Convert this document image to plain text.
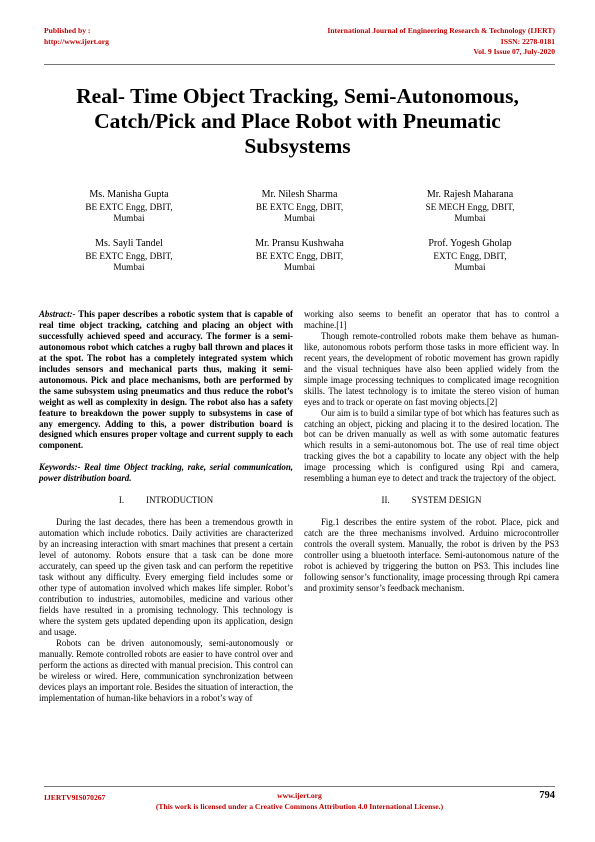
Published by :
http://www.ijert.org
International Journal of Engineering Research & Technology (IJERT)
ISSN: 2278-0181
Vol. 9 Issue 07, July-2020
Real- Time Object Tracking, Semi-Autonomous,
Catch/Pick and Place Robot with Pneumatic
Subsystems
Ms. Manisha Gupta
BE EXTC Engg, DBIT,
Mumbai
Mr. Nilesh Sharma
BE EXTC Engg, DBIT,
Mumbai
Mr. Rajesh Maharana
SE MECH Engg, DBIT,
Mumbai
Ms. Sayli Tandel
BE EXTC Engg, DBIT,
Mumbai
Mr. Pransu Kushwaha
BE EXTC Engg, DBIT,
Mumbai
Prof. Yogesh Gholap
EXTC Engg, DBIT,
Mumbai

Abstract:- This paper describes a robotic system that is capable of real time object tracking, catching and placing an object with successfully achieved speed and accuracy. The former is a semi-autonomous robot which catches a rugby ball thrown and places it at the spot. The robot has a completely integrated system which includes sensors and mechanical parts thus, making it semi-autonomous. Pick and place mechanisms, both are performed by the same subsystem using pneumatics and thus reduce the robot’s weight as well as complexity in design. The robot also has a safety feature to breakdown the power supply to subsystems in case of any emergency. Adding to this, a power distribution board is designed which ensures proper voltage and current supply to each component.

Keywords:- Real time Object tracking, rake, serial communication, power distribution board.

I. INTRODUCTION

During the last decades, there has been a tremendous growth in automation which include robotics. Daily activities are characterized by an increasing interaction with smart machines that present a certain level of autonomy. Robots ensure that a task can be done more accurately, can speed up the given task and can perform the repetitive task without any difficulty. Every emerging field includes some or other type of automation involved which makes life simpler. Robot’s contribution to industries, automobiles, medicine and various other fields have resulted in a promising technology. This technology is where the system gets updated depending upon its application, design and usage.

Robots can be driven autonomously, semi-autonomously or manually. Remote controlled robots are easier to have control over and perform the actions as directed with manual precision. This control can be wireless or wired. Here, communication synchronization between devices plays an important role. Besides the situation of interaction, the implementation of human-like behaviors in a robot’s way of

working also seems to benefit an operator that has to control a machine.[1]

Though remote-controlled robots make them behave as human-like, autonomous robots perform those tasks in more efficient way. In recent years, the development of robotic movement has grown rapidly and the visual techniques have also been applied widely from the simple image processing techniques to complicated image recognition skills. The latest technology is to imitate the stereo vision of human eyes and to track or operate on fast moving objects.[2]

Our aim is to build a similar type of bot which has features such as catching an object, picking and placing it to the desired location. The bot can be driven manually as well as with some automatic features which results in a semi-autonomous bot. The use of real time object tracking gives the bot a capability to locate any object with the help image processing which is configured using Rpi and camera, resembling a human eye to detect and track the trajectory of the object.

II. SYSTEM DESIGN

Fig.1 describes the entire system of the robot. Place, pick and catch are the three mechanisms involved. Arduino microcontroller controls the overall system. Manually, the robot is driven by the PS3 controller using a bluetooth interface. Semi-autonomous nature of the robot is achieved by triggering the button on PS3. This includes line following sensor’s functionality, image processing through Rpi camera and proximity sensor’s feedback mechanism.

IJERTV9IS070267	www.ijert.org
(This work is licensed under a Creative Commons Attribution 4.0 International License.)
794
